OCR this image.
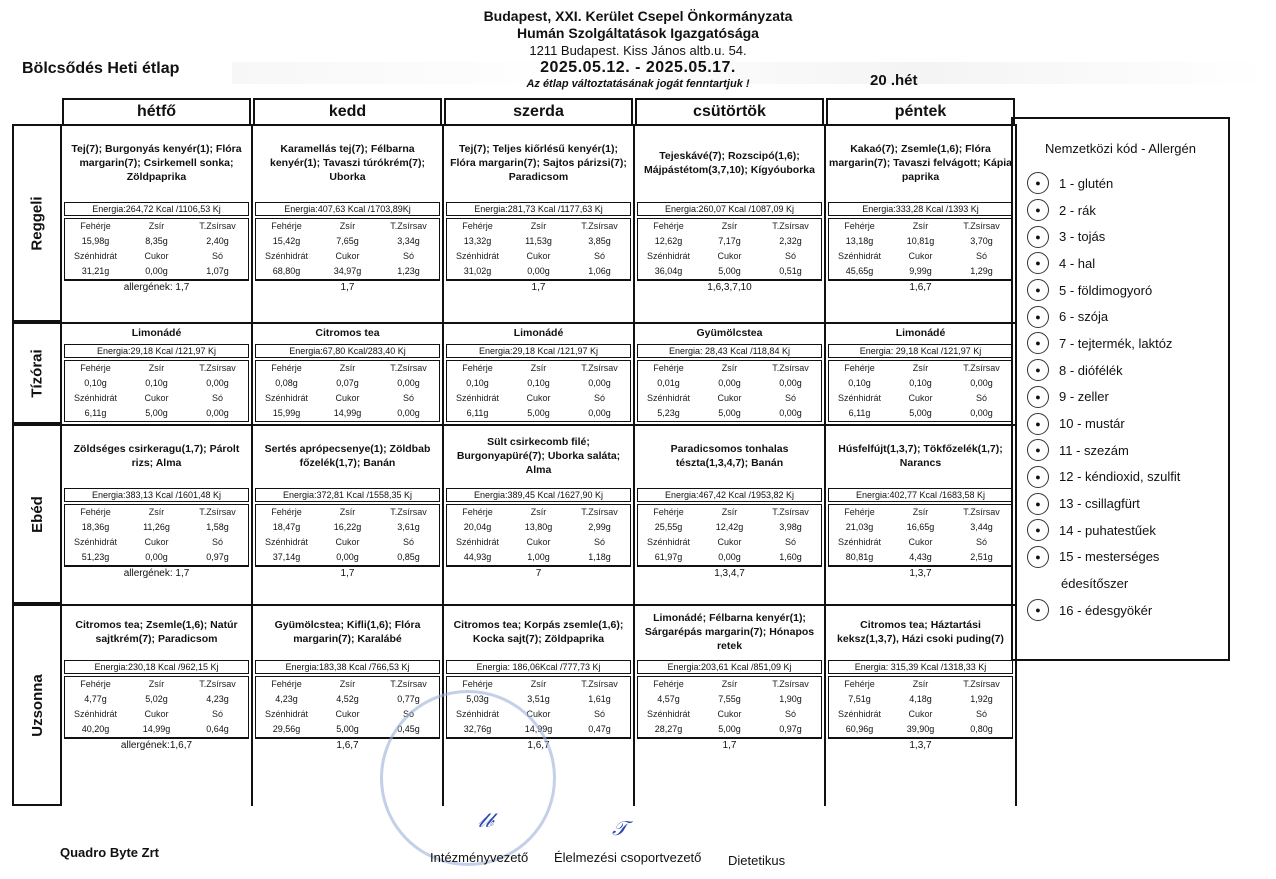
Budapest, XXI. Kerület Csepel Önkormányzata
Humán Szolgáltatások Igazgatósága
1211 Budapest. Kiss János altb.u. 54.
2025.05.12. - 2025.05.17.
Az étlap változtatásának jogát fenntartjuk !
Bölcsődés Heti étlap
20 .hét
hétfő	kedd	szerda	csütörtök	péntek
Reggeli
Tej(7); Burgonyás kenyér(1); Flóra margarin(7); Csirkemell sonka; Zöldpaprika
Energia:264,72 Kcal /1106,53 Kj
Fehérje	Zsír	T.Zsírsav
15,98g	8,35g	2,40g
Szénhidrát	Cukor	Só
31,21g	0,00g	1,07g
allergének: 1,7
Karamellás tej(7); Félbarna kenyér(1); Tavaszi túrókrém(7); Uborka
Energia:407,63 Kcal /1703,89Kj
Fehérje	Zsír	T.Zsírsav
15,42g	7,65g	3,34g
Szénhidrát	Cukor	Só
68,80g	34,97g	1,23g
1,7
Tej(7); Teljes kiőrlésű kenyér(1); Flóra margarin(7); Sajtos párizsi(7); Paradicsom
Energia:281,73 Kcal /1177,63 Kj
Fehérje	Zsír	T.Zsírsav
13,32g	11,53g	3,85g
Szénhidrát	Cukor	Só
31,02g	0,00g	1,06g
1,7
Tejeskávé(7); Rozscipó(1,6); Májpástétom(3,7,10); Kígyóuborka
Energia:260,07 Kcal /1087,09 Kj
Fehérje	Zsír	T.Zsírsav
12,62g	7,17g	2,32g
Szénhidrát	Cukor	Só
36,04g	5,00g	0,51g
1,6,3,7,10
Kakaó(7); Zsemle(1,6); Flóra margarin(7); Tavaszi felvágott; Kápia paprika
Energia:333,28 Kcal /1393 Kj
Fehérje	Zsír	T.Zsírsav
13,18g	10,81g	3,70g
Szénhidrát	Cukor	Só
45,65g	9,99g	1,29g
1,6,7
Tízórai
Limonádé
Energia:29,18 Kcal /121,97 Kj
Fehérje	Zsír	T.Zsírsav
0,10g	0,10g	0,00g
Szénhidrát	Cukor	Só
6,11g	5,00g	0,00g
Citromos tea
Energia:67,80 Kcal/283,40 Kj
Fehérje	Zsír	T.Zsírsav
0,08g	0,07g	0,00g
Szénhidrát	Cukor	Só
15,99g	14,99g	0,00g
Limonádé
Energia:29,18 Kcal /121,97 Kj
Fehérje	Zsír	T.Zsírsav
0,10g	0,10g	0,00g
Szénhidrát	Cukor	Só
6,11g	5,00g	0,00g
Gyümölcstea
Energia: 28,43 Kcal /118,84 Kj
Fehérje	Zsír	T.Zsírsav
0,01g	0,00g	0,00g
Szénhidrát	Cukor	Só
5,23g	5,00g	0,00g
Limonádé
Energia: 29,18 Kcal /121,97 Kj
Fehérje	Zsír	T.Zsírsav
0,10g	0,10g	0,00g
Szénhidrát	Cukor	Só
6,11g	5,00g	0,00g
Ebéd
Zöldséges csirkeragu(1,7); Párolt rizs; Alma
Energia:383,13 Kcal /1601,48 Kj
Fehérje	Zsír	T.Zsírsav
18,36g	11,26g	1,58g
Szénhidrát	Cukor	Só
51,23g	0,00g	0,97g
allergének: 1,7
Sertés aprópecsenye(1); Zöldbab főzelék(1,7); Banán
Energia:372,81 Kcal /1558,35 Kj
Fehérje	Zsír	T.Zsírsav
18,47g	16,22g	3,61g
Szénhidrát	Cukor	Só
37,14g	0,00g	0,85g
1,7
Sült csirkecomb filé; Burgonyapüré(7); Uborka saláta; Alma
Energia:389,45 Kcal /1627,90 Kj
Fehérje	Zsír	T.Zsírsav
20,04g	13,80g	2,99g
Szénhidrát	Cukor	Só
44,93g	1,00g	1,18g
7
Paradicsomos tonhalas tészta(1,3,4,7); Banán
Energia:467,42 Kcal /1953,82 Kj
Fehérje	Zsír	T.Zsírsav
25,55g	12,42g	3,98g
Szénhidrát	Cukor	Só
61,97g	0,00g	1,60g
1,3,4,7
Húsfelfújt(1,3,7); Tökfőzelék(1,7); Narancs
Energia:402,77 Kcal /1683,58 Kj
Fehérje	Zsír	T.Zsírsav
21,03g	16,65g	3,44g
Szénhidrát	Cukor	Só
80,81g	4,43g	2,51g
1,3,7
Uzsonna
Citromos tea; Zsemle(1,6); Natúr sajtkrém(7); Paradicsom
Energia:230,18 Kcal /962,15 Kj
Fehérje	Zsír	T.Zsírsav
4,77g	5,02g	4,23g
Szénhidrát	Cukor	Só
40,20g	14,99g	0,64g
allergének:1,6,7
Gyümölcstea; Kifli(1,6); Flóra margarin(7); Karalábé
Energia:183,38 Kcal /766,53 Kj
Fehérje	Zsír	T.Zsírsav
4,23g	4,52g	0,77g
Szénhidrát	Cukor	Só
29,56g	5,00g	0,45g
1,6,7
Citromos tea; Korpás zsemle(1,6); Kocka sajt(7); Zöldpaprika
Energia: 186,06Kcal /777,73 Kj
Fehérje	Zsír	T.Zsírsav
5,03g	3,51g	1,61g
Szénhidrát	Cukor	Só
32,76g	14,99g	0,47g
1,6,7
Limonádé; Félbarna kenyér(1); Sárgarépás margarin(7); Hónapos retek
Energia:203,61 Kcal /851,09 Kj
Fehérje	Zsír	T.Zsírsav
4,57g	7,55g	1,90g
Szénhidrát	Cukor	Só
28,27g	5,00g	0,97g
1,7
Citromos tea; Háztartási keksz(1,3,7), Házi csoki puding(7)
Energia: 315,39 Kcal /1318,33 Kj
Fehérje	Zsír	T.Zsírsav
7,51g	4,18g	1,92g
Szénhidrát	Cukor	Só
60,96g	39,90g	0,80g
1,3,7
Nemzetközi kód - Allergén
●	1 - glutén
●	2 - rák
●	3 - tojás
●	4 - hal
●	5 - földimogyoró
●	6 - szója
●	7 - tejtermék, laktóz
●	8 - diófélék
●	9 - zeller
●	10 - mustár
●	11 - szezám
●	12 - kéndioxid, szulfit
●	13 - csillagfürt
●	14 - puhatestűek
●	15 - mesterséges
édesítőszer
●	16 - édesgyökér
𝓁𝒷	𝒯
Quadro Byte Zrt	Intézményvezető Élelmezési csoportvezető Dietetikus
